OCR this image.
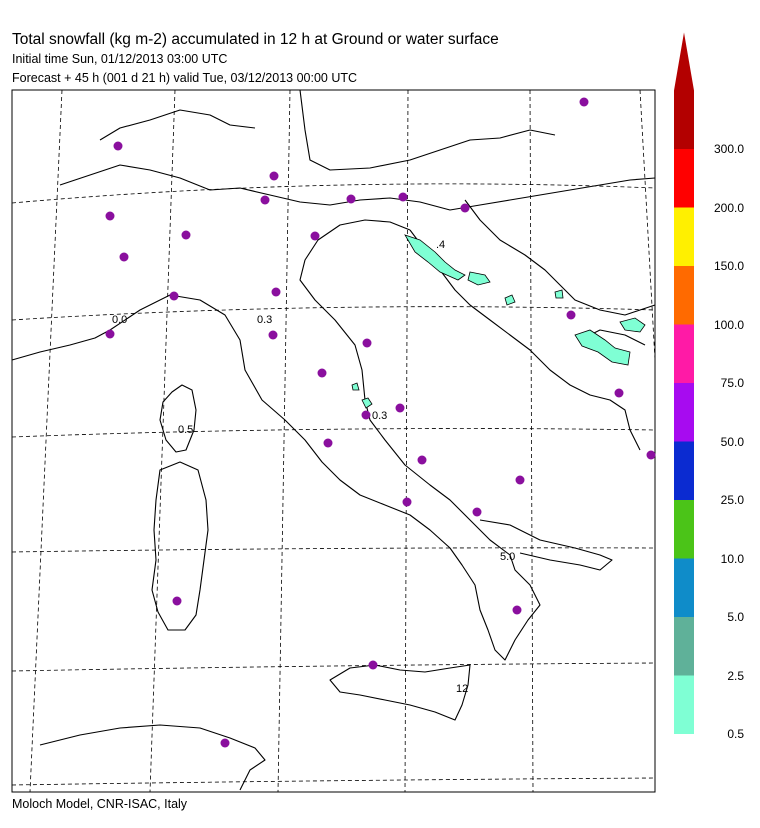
Total snowfall (kg m-2) accumulated in 12 h at Ground or water surface
Initial time Sun, 01/12/2013 03:00 UTC
Forecast + 45 h (001 d 21 h) valid Tue, 03/12/2013 00:00 UTC
0.0	0.3
0.5
.4
0.3
5.0
12
0.5
2.5
5.0
10.0
25.0
50.0
75.0
100.0
150.0
200.0
300.0
Moloch Model, CNR-ISAC, Italy
